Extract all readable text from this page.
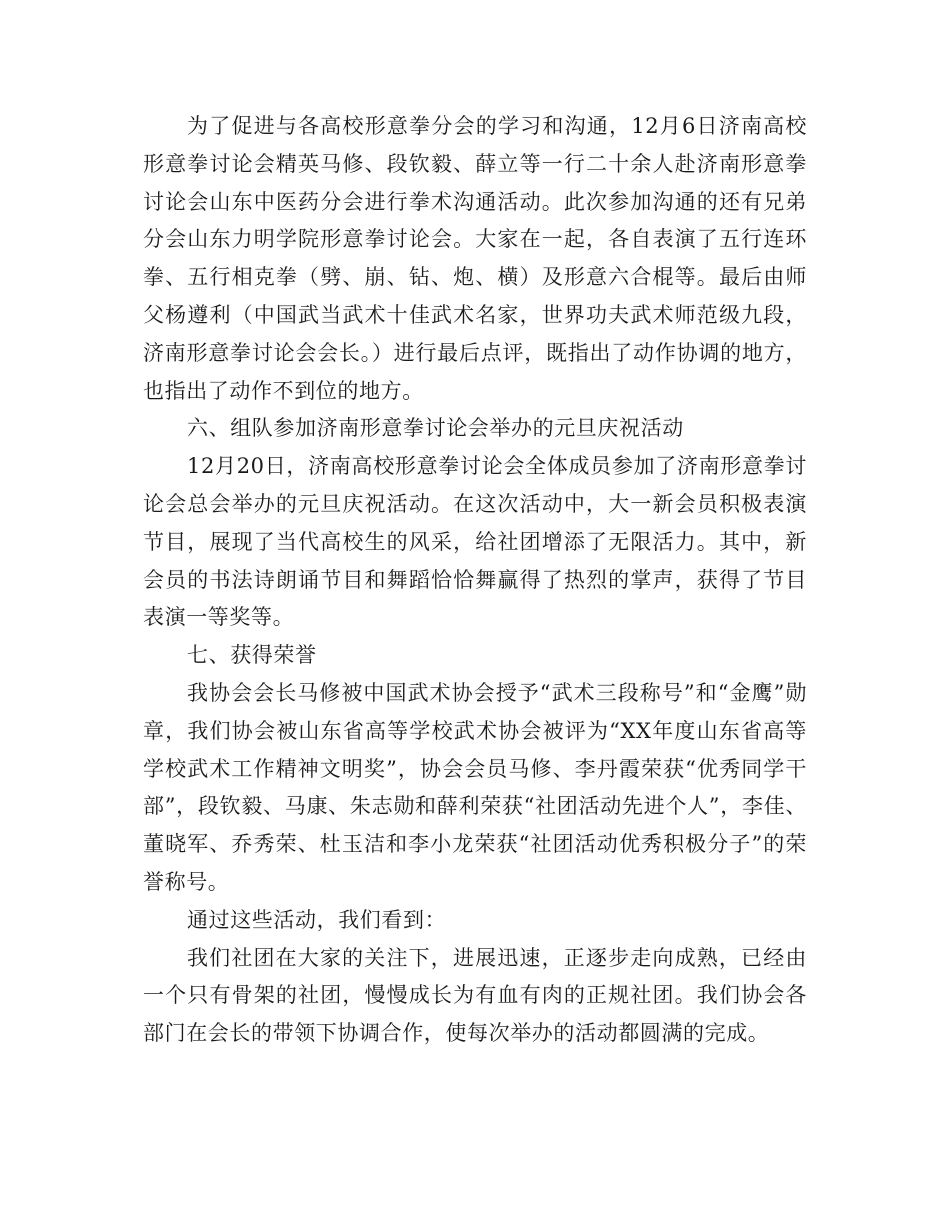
为了促进与各高校形意拳分会的学习和沟通，12月6日济南高校形意拳讨论会精英马修、段钦毅、薛立等一行二十余人赴济南形意拳讨论会山东中医药分会进行拳术沟通活动。此次参加沟通的还有兄弟分会山东力明学院形意拳讨论会。大家在一起，各自表演了五行连环拳、五行相克拳（劈、崩、钻、炮、横）及形意六合棍等。最后由师父杨遵利（中国武当武术十佳武术名家，世界功夫武术师范级九段，济南形意拳讨论会会长。）进行最后点评，既指出了动作协调的地方，也指出了动作不到位的地方。

六、组队参加济南形意拳讨论会举办的元旦庆祝活动

12月20日，济南高校形意拳讨论会全体成员参加了济南形意拳讨论会总会举办的元旦庆祝活动。在这次活动中，大一新会员积极表演节目，展现了当代高校生的风采，给社团增添了无限活力。其中，新会员的书法诗朗诵节目和舞蹈恰恰舞赢得了热烈的掌声，获得了节目表演一等奖等。

七、获得荣誉

我协会会长马修被中国武术协会授予“武术三段称号”和“金鹰”勋章，我们协会被山东省高等学校武术协会被评为“XX年度山东省高等学校武术工作精神文明奖”，协会会员马修、李丹霞荣获“优秀同学干部”，段钦毅、马康、朱志勋和薛利荣获“社团活动先进个人”，李佳、董晓军、乔秀荣、杜玉洁和李小龙荣获“社团活动优秀积极分子”的荣誉称号。

通过这些活动，我们看到：

我们社团在大家的关注下，进展迅速，正逐步走向成熟，已经由一个只有骨架的社团，慢慢成长为有血有肉的正规社团。我们协会各部门在会长的带领下协调合作，使每次举办的活动都圆满的完成。
